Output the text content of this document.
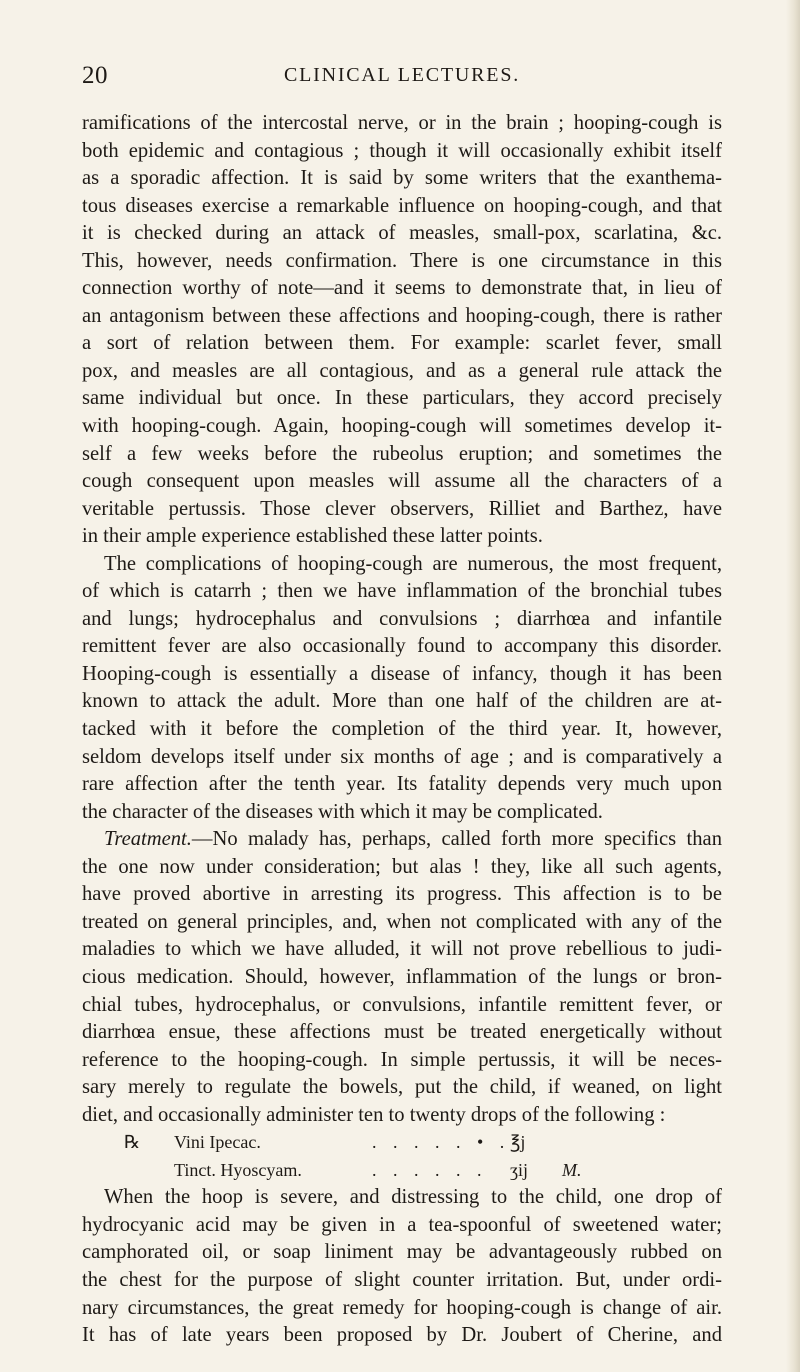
20	CLINICAL LECTURES.
ramifications of the intercostal nerve, or in the brain ; hooping-cough is
both epidemic and contagious ; though it will occasionally exhibit itself
as a sporadic affection. It is said by some writers that the exanthema-
tous diseases exercise a remarkable influence on hooping-cough, and that
it is checked during an attack of measles, small-pox, scarlatina, &c.
This, however, needs confirmation. There is one circumstance in this
connection worthy of note—and it seems to demonstrate that, in lieu of
an antagonism between these affections and hooping-cough, there is rather
a sort of relation between them. For example: scarlet fever, small
pox, and measles are all contagious, and as a general rule attack the
same individual but once. In these particulars, they accord precisely
with hooping-cough. Again, hooping-cough will sometimes develop it-
self a few weeks before the rubeolus eruption; and sometimes the
cough consequent upon measles will assume all the characters of a
veritable pertussis. Those clever observers, Rilliet and Barthez, have
in their ample experience established these latter points.
The complications of hooping-cough are numerous, the most frequent,
of which is catarrh ; then we have inflammation of the bronchial tubes
and lungs; hydrocephalus and convulsions ; diarrhœa and infantile
remittent fever are also occasionally found to accompany this disorder.
Hooping-cough is essentially a disease of infancy, though it has been
known to attack the adult. More than one half of the children are at-
tacked with it before the completion of the third year. It, however,
seldom develops itself under six months of age ; and is comparatively a
rare affection after the tenth year. Its fatality depends very much upon
the character of the diseases with which it may be complicated.
Treatment.—No malady has, perhaps, called forth more specifics than
the one now under consideration; but alas ! they, like all such agents,
have proved abortive in arresting its progress. This affection is to be
treated on general principles, and, when not complicated with any of the
maladies to which we have alluded, it will not prove rebellious to judi-
cious medication. Should, however, inflammation of the lungs or bron-
chial tubes, hydrocephalus, or convulsions, infantile remittent fever, or
diarrhœa ensue, these affections must be treated energetically without
reference to the hooping-cough. In simple pertussis, it will be neces-
sary merely to regulate the bowels, put the child, if weaned, on light
diet, and occasionally administer ten to twenty drops of the following :
℞ Vini Ipecac.	. . . . . • . ℥j
Tinct. Hyoscyam.	. . . . . . ʒij M.
When the hoop is severe, and distressing to the child, one drop of
hydrocyanic acid may be given in a tea-spoonful of sweetened water;
camphorated oil, or soap liniment may be advantageously rubbed on
the chest for the purpose of slight counter irritation. But, under ordi-
nary circumstances, the great remedy for hooping-cough is change of air.
It has of late years been proposed by Dr. Joubert of Cherine, and
